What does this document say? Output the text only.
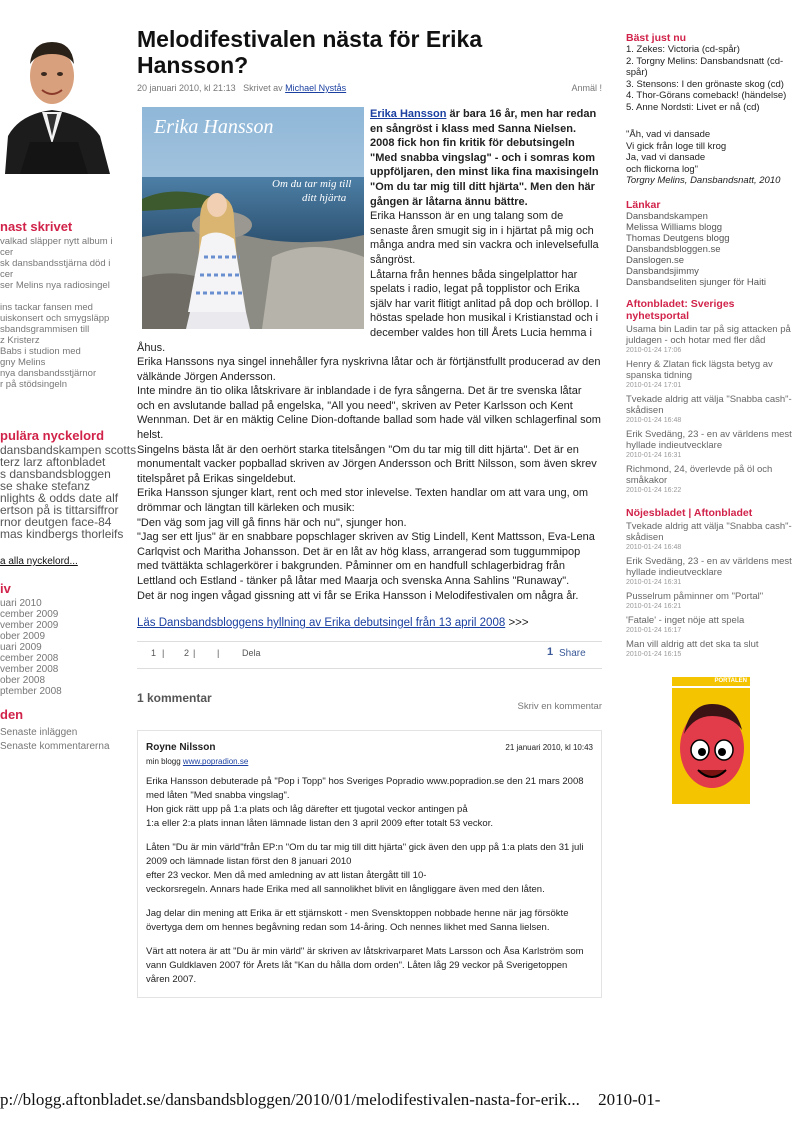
nast skrivet
valkad släpper nytt album i
cer
sk dansbandsstjärna död i
cer
ser Melins nya radiosingel

ins tackar fansen med
uiskonsert och smygsläpp
sbandsgrammisen till
z Kristerz
Babs i studion med
gny Melins
nya dansbandsstjärnor
r på stödsingeln
pulära nyckelord
dansbandskampen scotts
terz larz aftonbladet
s dansbandsbloggen
se shake stefanz
nlights & odds date alf
ertson på is tittarsiffror
rnor deutgen face-84
mas kindbergs thorleifs
a alla nyckelord...
iv
uari 2010
cember 2009
vember 2009
ober 2009
uari 2009
cember 2008
vember 2008
ober 2008
ptember 2008
den
Senaste inläggen
Senaste kommentarerna
Melodifestivalen nästa för Erika
Hansson?
20 januari 2010, kl 21:13 Skrivet av Michael Nystås	Anmäl !
Erika Hansson
Om du tar mig till
ditt hjärta

Erika Hansson är bara 16 år, men har redan en sångröst i klass med Sanna Nielsen. 2008 fick hon fin kritik för debutsingeln "Med snabba vingslag" - och i somras kom uppföljaren, den minst lika fina maxisingeln "Om du tar mig till ditt hjärta". Men den här gången är låtarna ännu bättre.

Erika Hansson är en ung talang som de senaste åren smugit sig in i hjärtat på mig och många andra med sin vackra och inlevelsefulla sångröst.

Låtarna från hennes båda singelplattor har spelats i radio, legat på topplistor och Erika själv har varit flitigt anlitad på dop och bröllop. I höstas spelade hon musikal i Kristianstad och i december valdes hon till Årets Lucia hemma i Åhus.

Erika Hanssons nya singel innehåller fyra nyskrivna låtar och är förtjänstfullt producerad av den välkände Jörgen Andersson.

Inte mindre än tio olika låtskrivare är inblandade i de fyra sångerna. Det är tre svenska låtar och en avslutande ballad på engelska, "All you need", skriven av Peter Karlsson och Kent Wennman. Det är en mäktig Celine Dion-doftande ballad som hade väl vilken schlagerfinal som helst.

Singelns bästa låt är den oerhört starka titelsången "Om du tar mig till ditt hjärta". Det är en monumentalt vacker popballad skriven av Jörgen Andersson och Britt Nilsson, som även skrev titelspåret på Erikas singeldebut.

Erika Hansson sjunger klart, rent och med stor inlevelse. Texten handlar om att vara ung, om drömmar och längtan till kärleken och musik:

"Den väg som jag vill gå finns här och nu", sjunger hon.

"Jag ser ett ljus" är en snabbare popschlager skriven av Stig Lindell, Kent Mattsson, Eva-Lena Carlqvist och Maritha Johansson. Det är en låt av hög klass, arrangerad som tuggummipop med tvättäkta schlagerkörer i bakgrunden. Påminner om en handfull schlagerbidrag från Lettland och Estland - tänker på låtar med Maarja och svenska Anna Sahlins "Runaway".

Det är nog ingen vågad gissning att vi får se Erika Hansson i Melodifestivalen om några år.

Läs Dansbandsbloggens hyllning av Erika debutsingel från 13 april 2008 >>>
1 | 2 | |	Dela	1 Share
1 kommentar
Skriv en kommentar
Royne Nilsson
min blogg www.popradion.se
21 januari 2010, kl 10:43

Erika Hansson debuterade på "Pop i Topp" hos Sveriges Popradio www.popradion.se den 21 mars 2008 med låten "Med snabba vingslag".
Hon gick rätt upp på 1:a plats och låg därefter ett tjugotal veckor antingen på
1:a eller 2:a plats innan låten lämnade listan den 3 april 2009 efter totalt 53 veckor.

Låten "Du är min värld"från EP:n "Om du tar mig till ditt hjärta" gick även den upp på 1:a plats den 31 juli 2009 och lämnade listan först den 8 januari 2010
efter 23 veckor. Men då med amledning av att listan återgått till 10-
veckorsregeln. Annars hade Erika med all sannolikhet blivit en långliggare även med den låten.

Jag delar din mening att Erika är ett stjärnskott - men Svensktoppen nobbade henne när jag försökte övertyga dem om hennes begåvning redan som 14-åring. Och nennes likhet med Sanna lielsen.

Värt att notera är att "Du är min värld" är skriven av låtskrivarparet Mats Larsson och Åsa Karlström som vann Guldklaven 2007 för Årets låt "Kan du hålla dom orden". Låten låg 29 veckor på Sverigetoppen våren 2007.

Bäst just nu
1. Zekes: Victoria (cd-spår)
2. Torgny Melins: Dansbandsnatt (cd-
spår)
3. Stensons: I den grönaste skog (cd)
4. Thor-Görans comeback! (händelse)
5. Anne Nordsti: Livet er nå (cd)
"Åh, vad vi dansade
Vi gick från loge till krog
Ja, vad vi dansade
och flickorna log"
Torgny Melins, Dansbandsnatt, 2010
Länkar
Dansbandskampen
Melissa Williams blogg
Thomas Deutgens blogg
Dansbandsbloggen.se
Danslogen.se
Dansbandsjimmy
Dansbandseliten sjunger för Haiti
Aftonbladet: Sveriges nyhetsportal
Usama bin Ladin tar på sig attacken på juldagen - och hotar med fler dåd
2010-01-24 17:06
Henry & Zlatan fick lägsta betyg av spanska tidning
2010-01-24 17:01
Tvekade aldrig att välja "Snabba cash"-skådisen
2010-01-24 16:48
Erik Svedäng, 23 - en av världens mest hyllade indieutvecklare
2010-01-24 16:31
Richmond, 24, överlevde på öl och småkakor
2010-01-24 16:22
Nöjesbladet | Aftonbladet
Tvekade aldrig att välja "Snabba cash"-skådisen
2010-01-24 16:48
Erik Svedäng, 23 - en av världens mest hyllade indieutvecklare
2010-01-24 16:31
Pusselrum påminner om "Portal"
2010-01-24 16:21
'Fatale' - inget nöje att spela
2010-01-24 16:17
Man vill aldrig att det ska ta slut
2010-01-24 16:15
PORTALEN
p://blogg.aftonbladet.se/dansbandsbloggen/2010/01/melodifestivalen-nasta-for-erik... 2010-01-
